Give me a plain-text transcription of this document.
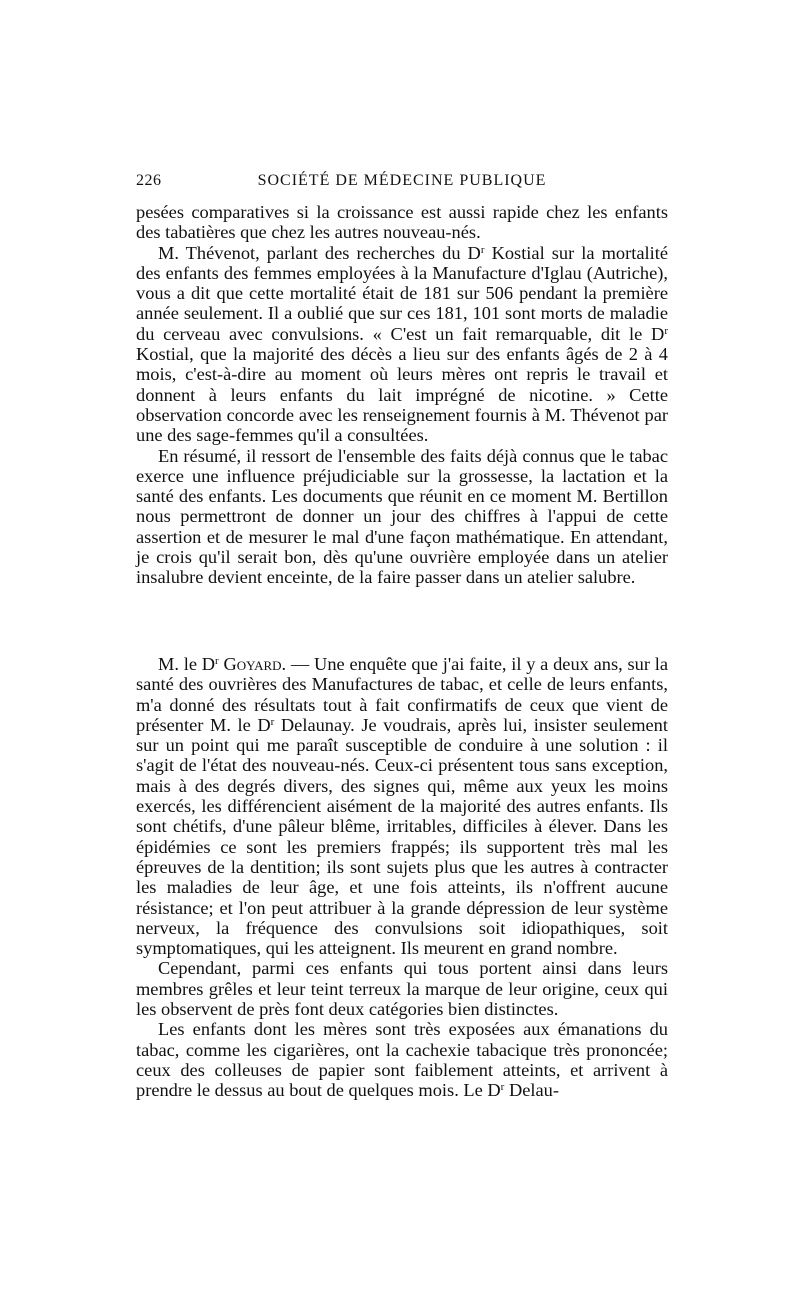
226	SOCIÉTÉ DE MÉDECINE PUBLIQUE

pesées comparatives si la croissance est aussi rapide chez les enfants des tabatières que chez les autres nouveau-nés.

M. Thévenot, parlant des recherches du $D^r$ Kostial sur la mortalité des enfants des femmes employées à la Manufacture d'Iglau (Autriche), vous a dit que cette mortalité était de 181 sur 506 pendant la première année seulement. Il a oublié que sur ces 181, 101 sont morts de maladie du cerveau avec convulsions. « C'est un fait remarquable, dit le $D^r$ Kostial, que la majorité des décès a lieu sur des enfants âgés de 2 à 4 mois, c'est-à-dire au moment où leurs mères ont repris le travail et donnent à leurs enfants du lait imprégné de nicotine. » Cette observation concorde avec les renseignement fournis à M. Thévenot par une des sage-femmes qu'il a consultées.

En résumé, il ressort de l'ensemble des faits déjà connus que le tabac exerce une influence préjudiciable sur la grossesse, la lactation et la santé des enfants. Les documents que réunit en ce moment M. Bertillon nous permettront de donner un jour des chiffres à l'appui de cette assertion et de mesurer le mal d'une façon mathématique. En attendant, je crois qu'il serait bon, dès qu'une ouvrière employée dans un atelier insalubre devient enceinte, de la faire passer dans un atelier salubre.

M. le $D^r$ Goyard. — Une enquête que j'ai faite, il y a deux ans, sur la santé des ouvrières des Manufactures de tabac, et celle de leurs enfants, m'a donné des résultats tout à fait confirmatifs de ceux que vient de présenter M. le $D^r$ Delaunay. Je voudrais, après lui, insister seulement sur un point qui me paraît susceptible de conduire à une solution : il s'agit de l'état des nouveau-nés. Ceux-ci présentent tous sans exception, mais à des degrés divers, des signes qui, même aux yeux les moins exercés, les différencient aisément de la majorité des autres enfants. Ils sont chétifs, d'une pâleur blême, irritables, difficiles à élever. Dans les épidémies ce sont les premiers frappés; ils supportent très mal les épreuves de la dentition; ils sont sujets plus que les autres à contracter les maladies de leur âge, et une fois atteints, ils n'offrent aucune résistance; et l'on peut attribuer à la grande dépression de leur système nerveux, la fréquence des convulsions soit idiopathiques, soit symptomatiques, qui les atteignent. Ils meurent en grand nombre.

Cependant, parmi ces enfants qui tous portent ainsi dans leurs membres grêles et leur teint terreux la marque de leur origine, ceux qui les observent de près font deux catégories bien distinctes.

Les enfants dont les mères sont très exposées aux émanations du tabac, comme les cigarières, ont la cachexie tabacique très prononcée; ceux des colleuses de papier sont faiblement atteints, et arrivent à prendre le dessus au bout de quelques mois. Le $D^r$ Delau-
